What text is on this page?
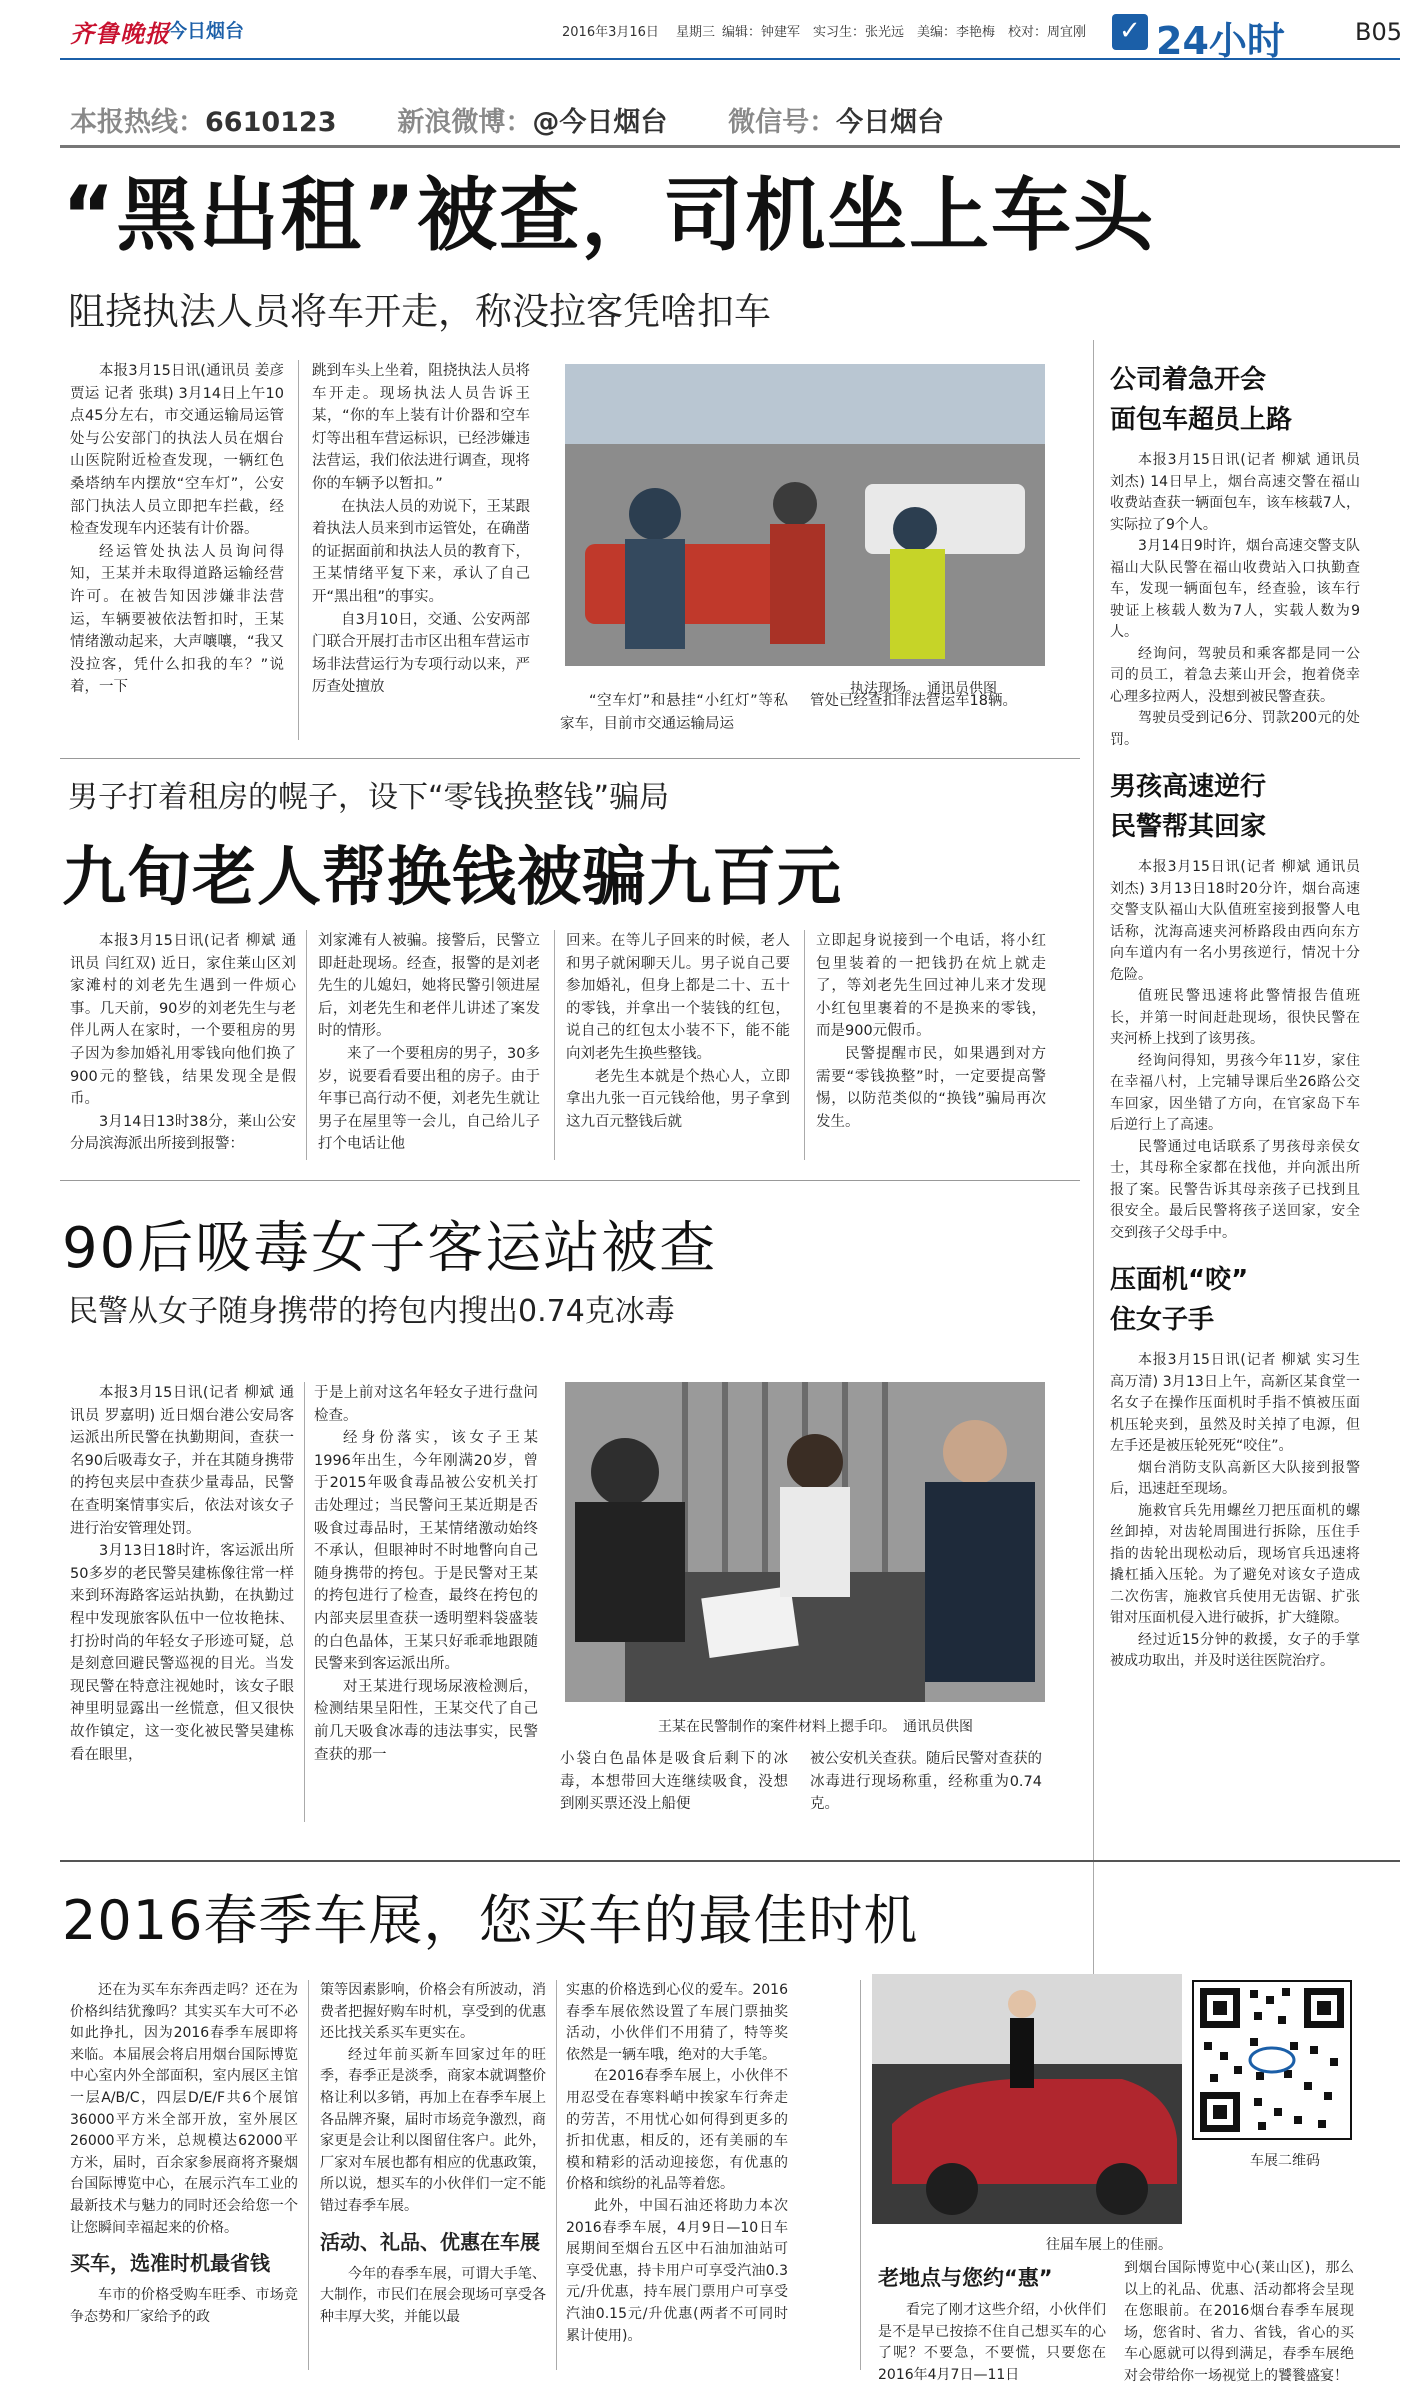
齐鲁晚报
今日烟台	2016年3月16日 星期三 编辑：钟建军　实习生：张光远　美编：李艳梅　校对：周宜刚 ✓ 24小时	B05
本报热线：6610123 新浪微博：@今日烟台 微信号：今日烟台
“黑出租”被查，司机坐上车头
阻挠执法人员将车开走，称没拉客凭啥扣车

本报3月15日讯(通讯员 姜彦 贾运 记者 张琪) 3月14日上午10点45分左右，市交通运输局运管处与公安部门的执法人员在烟台山医院附近检查发现，一辆红色桑塔纳车内摆放“空车灯”，公安部门执法人员立即把车拦截，经检查发现车内还装有计价器。

经运管处执法人员询问得知，王某并未取得道路运输经营许可。在被告知因涉嫌非法营运，车辆要被依法暂扣时，王某情绪激动起来，大声嚷嚷，“我又没拉客，凭什么扣我的车？”说着，一下

跳到车头上坐着，阻挠执法人员将车开走。现场执法人员告诉王某，“你的车上装有计价器和空车灯等出租车营运标识，已经涉嫌违法营运，我们依法进行调查，现将你的车辆予以暂扣。”

在执法人员的劝说下，王某跟着执法人员来到市运管处，在确凿的证据面前和执法人员的教育下，王某情绪平复下来，承认了自己开“黑出租”的事实。

自3月10日，交通、公安两部门联合开展打击市区出租车营运市场非法营运行为专项行动以来，严厉查处擅放	执法现场。　通讯员供图

“空车灯”和悬挂“小红灯”等私家车，目前市交通运输局运

管处已经查扣非法营运车18辆。

男子打着租房的幌子，设下“零钱换整钱”骗局
九旬老人帮换钱被骗九百元

本报3月15日讯(记者 柳斌 通讯员 闫红双) 近日，家住莱山区刘家滩村的刘老先生遇到一件烦心事。几天前，90岁的刘老先生与老伴儿两人在家时，一个要租房的男子因为参加婚礼用零钱向他们换了900元的整钱，结果发现全是假币。

3月14日13时38分，莱山公安分局滨海派出所接到报警：

刘家滩有人被骗。接警后，民警立即赶赴现场。经查，报警的是刘老先生的儿媳妇，她将民警引领进屋后，刘老先生和老伴儿讲述了案发时的情形。

来了一个要租房的男子，30多岁，说要看看要出租的房子。由于年事已高行动不便，刘老先生就让男子在屋里等一会儿，自己给儿子打个电话让他

回来。在等儿子回来的时候，老人和男子就闲聊天儿。男子说自己要参加婚礼，但身上都是二十、五十的零钱，并拿出一个装钱的红包，说自己的红包太小装不下，能不能向刘老先生换些整钱。

老先生本就是个热心人，立即拿出九张一百元钱给他，男子拿到这九百元整钱后就

立即起身说接到一个电话，将小红包里装着的一把钱扔在炕上就走了，等刘老先生回过神儿来才发现小红包里裹着的不是换来的零钱，而是900元假币。

民警提醒市民，如果遇到对方需要“零钱换整”时，一定要提高警惕，以防范类似的“换钱”骗局再次发生。

90后吸毒女子客运站被查
民警从女子随身携带的挎包内搜出0.74克冰毒

本报3月15日讯(记者 柳斌 通讯员 罗嘉明) 近日烟台港公安局客运派出所民警在执勤期间，查获一名90后吸毒女子，并在其随身携带的挎包夹层中查获少量毒品，民警在查明案情事实后，依法对该女子进行治安管理处罚。

3月13日18时许，客运派出所50多岁的老民警吴建栋像往常一样来到环海路客运站执勤，在执勤过程中发现旅客队伍中一位妆艳抹、打扮时尚的年轻女子形迹可疑，总是刻意回避民警巡视的目光。当发现民警在特意注视她时，该女子眼神里明显露出一丝慌意，但又很快故作镇定，这一变化被民警吴建栋看在眼里，

于是上前对这名年轻女子进行盘问检查。

经身份落实，该女子王某1996年出生，今年刚满20岁，曾于2015年吸食毒品被公安机关打击处理过；当民警问王某近期是否吸食过毒品时，王某情绪激动始终不承认，但眼神时不时地瞥向自己随身携带的挎包。于是民警对王某的挎包进行了检查，最终在挎包的内部夹层里查获一透明塑料袋盛装的白色晶体，王某只好乖乖地跟随民警来到客运派出所。

对王某进行现场尿液检测后，检测结果呈阳性，王某交代了自己前几天吸食冰毒的违法事实，民警查获的那一

王某在民警制作的案件材料上摁手印。　通讯员供图

小袋白色晶体是吸食后剩下的冰毒，本想带回大连继续吸食，没想到刚买票还没上船便

被公安机关查获。随后民警对查获的冰毒进行现场称重，经称重为0.74克。

公司着急开会
面包车超员上路

本报3月15日讯(记者 柳斌 通讯员 刘杰) 14日早上，烟台高速交警在福山收费站查获一辆面包车，该车核载7人，实际拉了9个人。

3月14日9时许，烟台高速交警支队福山大队民警在福山收费站入口执勤查车，发现一辆面包车，经查验，该车行驶证上核载人数为7人，实载人数为9人。

经询问，驾驶员和乘客都是同一公司的员工，着急去莱山开会，抱着侥幸心理多拉两人，没想到被民警查获。

驾驶员受到记6分、罚款200元的处罚。

男孩高速逆行
民警帮其回家

本报3月15日讯(记者 柳斌 通讯员 刘杰) 3月13日18时20分许，烟台高速交警支队福山大队值班室接到报警人电话称，沈海高速夹河桥路段由西向东方向车道内有一名小男孩逆行，情况十分危险。

值班民警迅速将此警情报告值班长，并第一时间赶赴现场，很快民警在夹河桥上找到了该男孩。

经询问得知，男孩今年11岁，家住在幸福八村，上完辅导课后坐26路公交车回家，因坐错了方向，在官家岛下车后逆行上了高速。

民警通过电话联系了男孩母亲侯女士，其母称全家都在找他，并向派出所报了案。民警告诉其母亲孩子已找到且很安全。最后民警将孩子送回家，安全交到孩子父母手中。

压面机“咬”
住女子手

本报3月15日讯(记者 柳斌 实习生 高万清) 3月13日上午，高新区某食堂一名女子在操作压面机时手指不慎被压面机压轮夹到，虽然及时关掉了电源，但左手还是被压轮死死“咬住”。

烟台消防支队高新区大队接到报警后，迅速赶至现场。

施救官兵先用螺丝刀把压面机的螺丝卸掉，对齿轮周围进行拆除，压住手指的齿轮出现松动后，现场官兵迅速将撬杠插入压轮。为了避免对该女子造成二次伤害，施救官兵使用无齿锯、扩张钳对压面机侵入进行破拆，扩大缝隙。

经过近15分钟的救援，女子的手掌被成功取出，并及时送往医院治疗。

2016春季车展，您买车的最佳时机

还在为买车东奔西走吗？还在为价格纠结犹豫吗？其实买车大可不必如此挣扎，因为2016春季车展即将来临。本届展会将启用烟台国际博览中心室内外全部面积，室内展区主馆一层A/B/C，四层D/E/F共6个展馆36000平方米全部开放，室外展区26000平方米，总规模达62000平方米，届时，百余家参展商将齐聚烟台国际博览中心，在展示汽车工业的最新技术与魅力的同时还会给您一个让您瞬间幸福起来的价格。

买车，选准时机最省钱

车市的价格受购车旺季、市场竞争态势和厂家给予的政

策等因素影响，价格会有所波动，消费者把握好购车时机，享受到的优惠还比找关系买车更实在。

经过年前买新车回家过年的旺季，春季正是淡季，商家本就调整价格让利以多销，再加上在春季车展上各品牌齐聚，届时市场竞争激烈，商家更是会让利以图留住客户。此外，厂家对车展也都有相应的优惠政策，所以说，想买车的小伙伴们一定不能错过春季车展。

活动、礼品、优惠在车展

今年的春季车展，可谓大手笔、大制作，市民们在展会现场可享受各种丰厚大奖，并能以最

实惠的价格选到心仪的爱车。2016春季车展依然设置了车展门票抽奖活动，小伙伴们不用猜了，特等奖依然是一辆车哦，绝对的大手笔。

在2016春季车展上，小伙伴不用忍受在春寒料峭中挨家车行奔走的劳苦，不用忧心如何得到更多的折扣优惠，相反的，还有美丽的车模和精彩的活动迎接您，有优惠的价格和缤纷的礼品等着您。

此外，中国石油还将助力本次2016春季车展，4月9日—10日车展期间至烟台五区中石油加油站可享受优惠，持卡用户可享受汽油0.3元/升优惠，持车展门票用户可享受汽油0.15元/升优惠(两者不可同时累计使用)。

往届车展上的佳丽。
车展二维码
老地点与您约“惠”

看完了刚才这些介绍，小伙伴们是不是早已按捺不住自己想买车的心了呢？不要急，不要慌，只要您在2016年4月7日—11日

到烟台国际博览中心(莱山区)，那么以上的礼品、优惠、活动都将会呈现在您眼前。在2016烟台春季车展现场，您省时、省力、省钱，省心的买车心愿就可以得到满足，春季车展绝对会带给你一场视觉上的饕餮盛宴！
